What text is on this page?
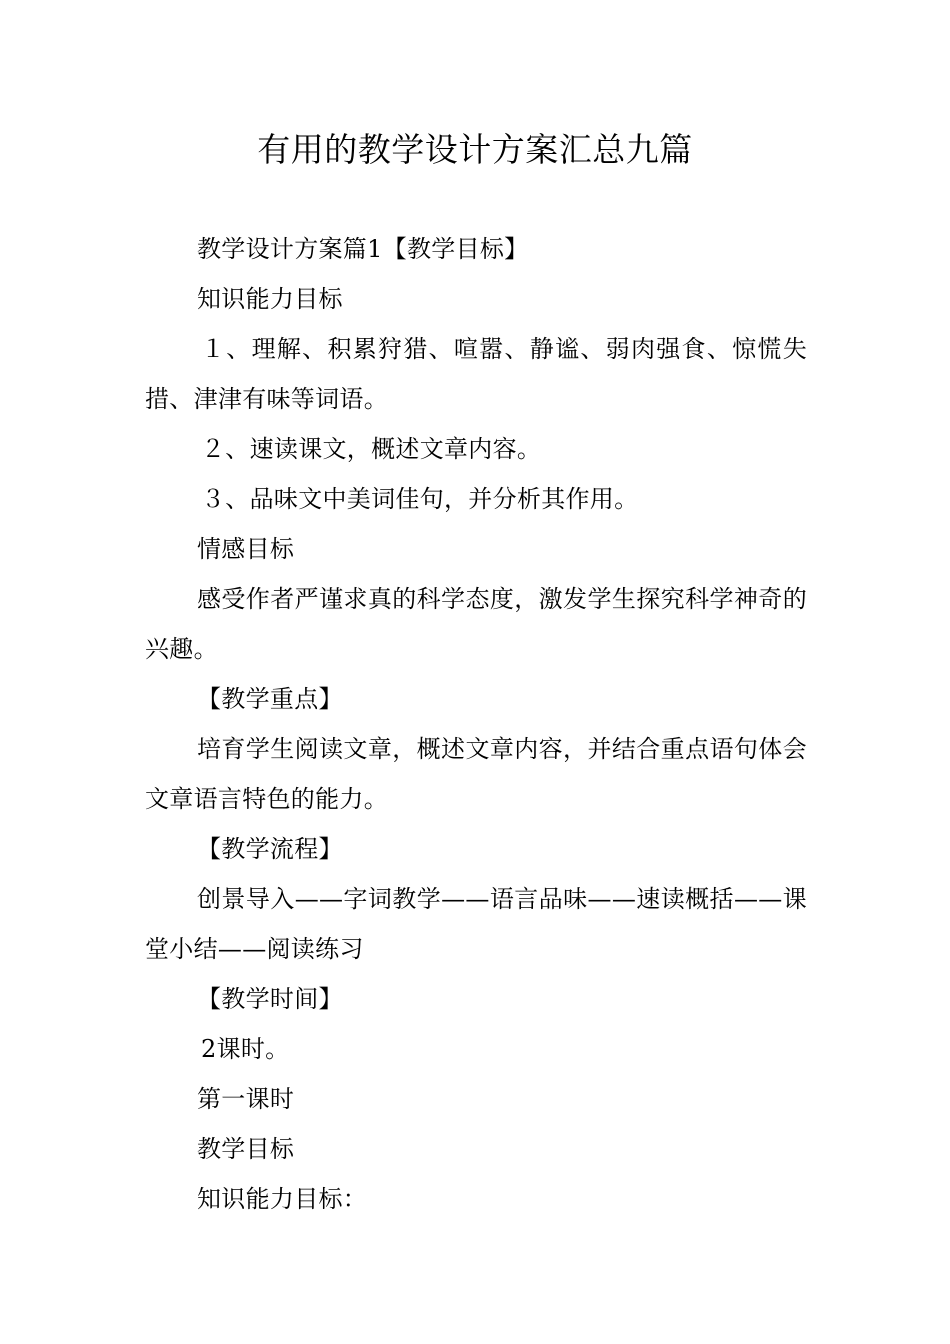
有用的教学设计方案汇总九篇

教学设计方案篇1【教学目标】

知识能力目标

１、理解、积累狩猎、喧嚣、静谧、弱肉强食、惊慌失措、津津有味等词语。

２、速读课文，概述文章内容。

３、品味文中美词佳句，并分析其作用。

情感目标

感受作者严谨求真的科学态度，激发学生探究科学神奇的兴趣。

【教学重点】

培育学生阅读文章，概述文章内容，并结合重点语句体会文章语言特色的能力。

【教学流程】

创景导入——字词教学——语言品味——速读概括——课堂小结——阅读练习

【教学时间】

2课时。

第一课时

教学目标

知识能力目标：
